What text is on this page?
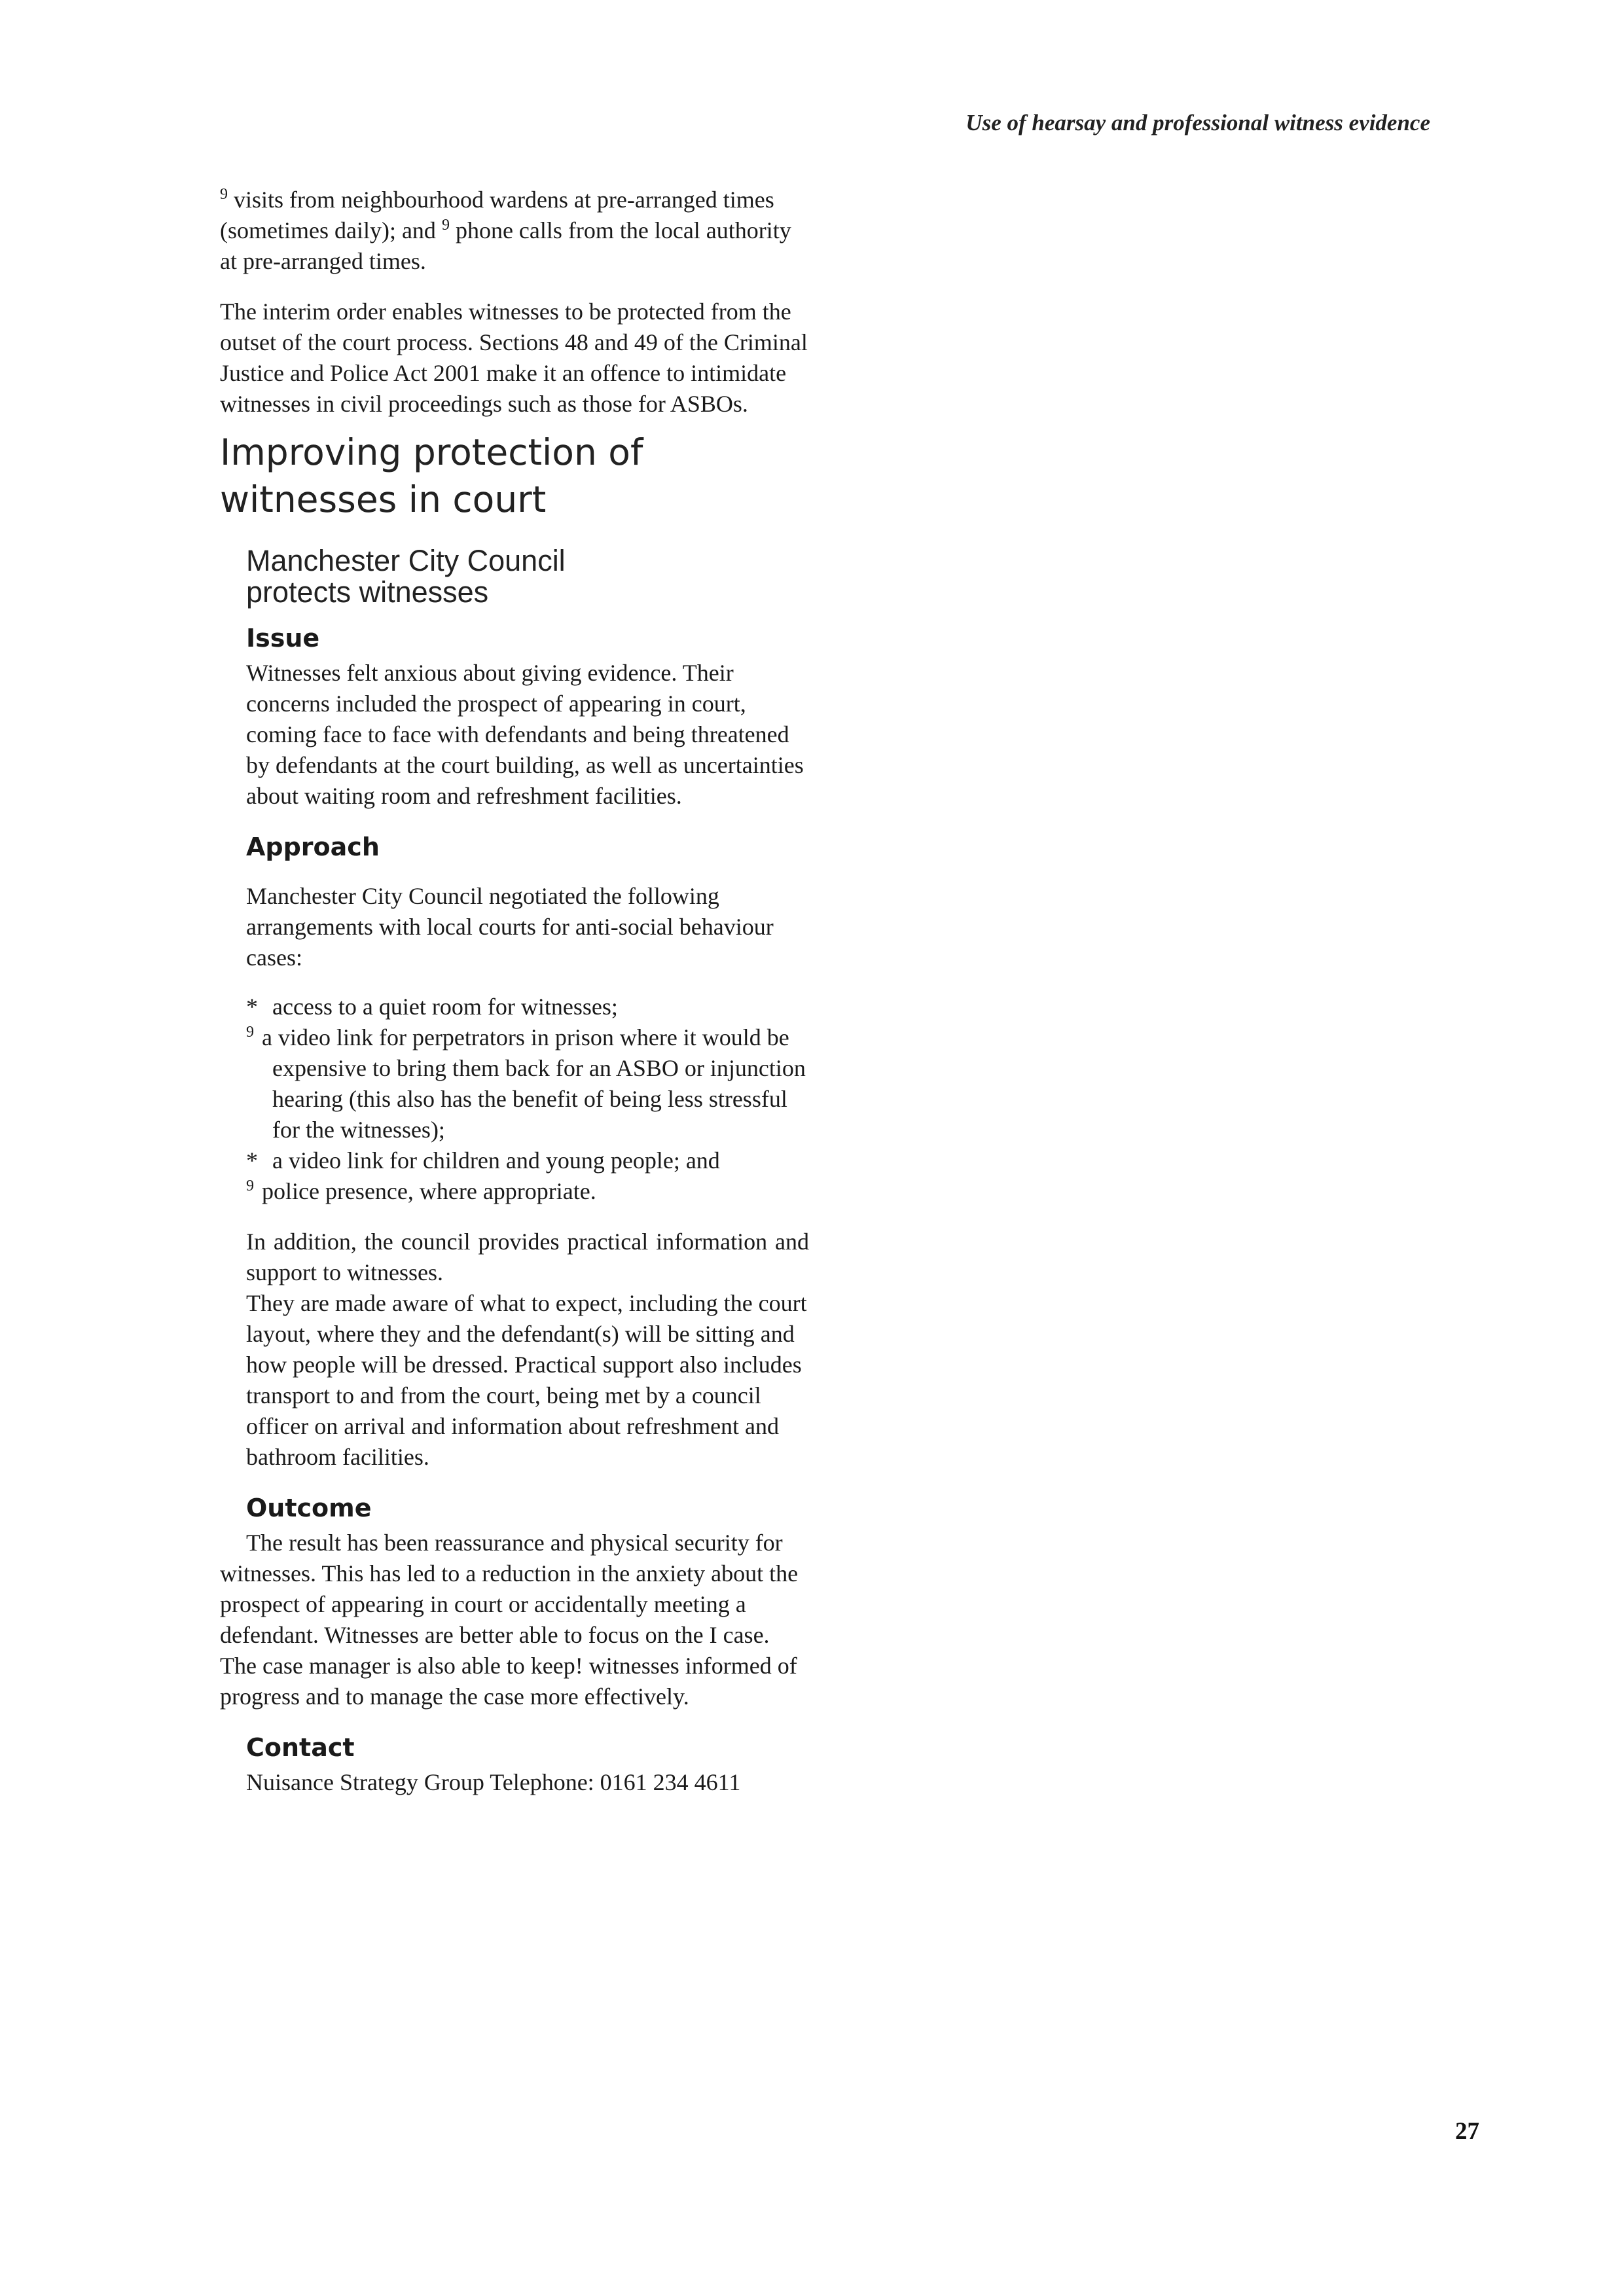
Use of hearsay and professional witness evidence

$^9$ visits from neighbourhood wardens at pre-arranged times (sometimes daily); and $^9$ phone calls from the local authority at pre-arranged times.

The interim order enables witnesses to be protected from the outset of the court process. Sections 48 and 49 of the Criminal Justice and Police Act 2001 make it an offence to intimidate witnesses in civil proceedings such as those for ASBOs.

Improving protection of
witnesses in court
Manchester City Council
protects witnesses
Issue

Witnesses felt anxious about giving evidence. Their concerns included the prospect of appearing in court, coming face to face with defendants and being threatened by defendants at the court building, as well as uncertainties about waiting room and refreshment facilities.

Approach

Manchester City Council negotiated the following arrangements with local courts for anti-social behaviour cases:

* access to a quiet room for witnesses;
9 a video link for perpetrators in prison where it would be expensive to bring them back for an ASBO or injunction hearing (this also has the benefit of being less stressful for the witnesses);
* a video link for children and young people; and
9 police presence, where appropriate.

In addition, the council provides practical information and support to witnesses.

They are made aware of what to expect, including the court layout, where they and the defendant(s) will be sitting and how people will be dressed. Practical support also includes transport to and from the court, being met by a council officer on arrival and information about refreshment and bathroom facilities.

Outcome

The result has been reassurance and physical security for witnesses. This has led to a reduction in the anxiety about the prospect of appearing in court or accidentally meeting a defendant. Witnesses are better able to focus on the I case. The case manager is also able to keep! witnesses informed of progress and to manage the case more effectively.

Contact

Nuisance Strategy Group Telephone: 0161 234 4611

27
